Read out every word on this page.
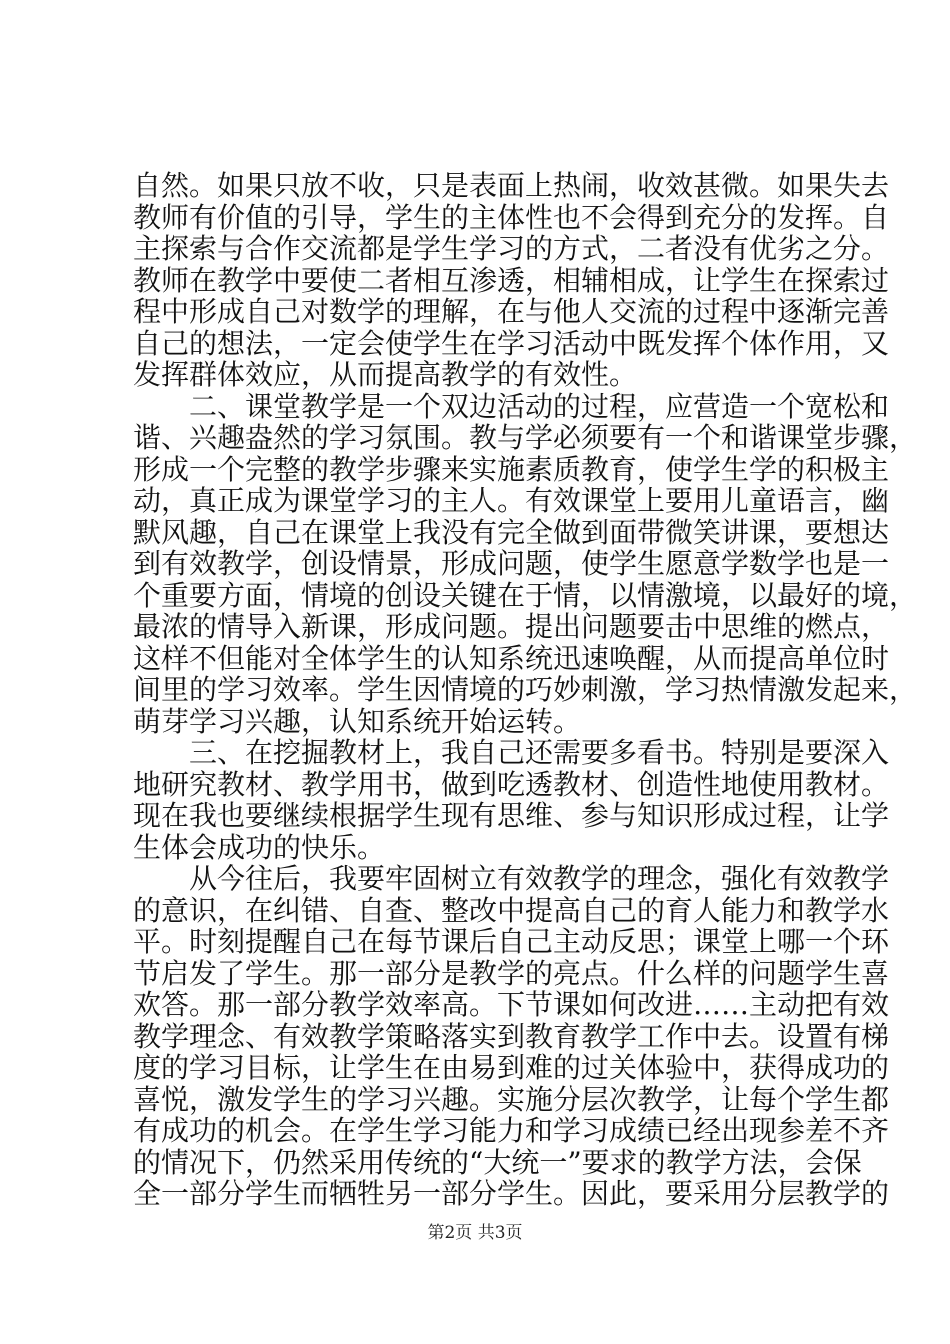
自然。如果只放不收，只是表面上热闹，收效甚微。如果失去
教师有价值的引导，学生的主体性也不会得到充分的发挥。自
主探索与合作交流都是学生学习的方式，二者没有优劣之分。
教师在教学中要使二者相互渗透，相辅相成，让学生在探索过
程中形成自己对数学的理解，在与他人交流的过程中逐渐完善
自己的想法，一定会使学生在学习活动中既发挥个体作用，又
发挥群体效应，从而提高教学的有效性。
　　二、课堂教学是一个双边活动的过程，应营造一个宽松和
谐、兴趣盎然的学习氛围。教与学必须要有一个和谐课堂步骤，
形成一个完整的教学步骤来实施素质教育，使学生学的积极主
动，真正成为课堂学习的主人。有效课堂上要用儿童语言，幽
默风趣，自己在课堂上我没有完全做到面带微笑讲课，要想达
到有效教学，创设情景，形成问题，使学生愿意学数学也是一
个重要方面，情境的创设关键在于情，以情激境，以最好的境，
最浓的情导入新课，形成问题。提出问题要击中思维的燃点，
这样不但能对全体学生的认知系统迅速唤醒，从而提高单位时
间里的学习效率。学生因情境的巧妙刺激，学习热情激发起来，
萌芽学习兴趣，认知系统开始运转。
　　三、在挖掘教材上，我自己还需要多看书。特别是要深入
地研究教材、教学用书，做到吃透教材、创造性地使用教材。
现在我也要继续根据学生现有思维、参与知识形成过程，让学
生体会成功的快乐。
　　从今往后，我要牢固树立有效教学的理念，强化有效教学
的意识，在纠错、自查、整改中提高自己的育人能力和教学水
平。时刻提醒自己在每节课后自己主动反思；课堂上哪一个环
节启发了学生。那一部分是教学的亮点。什么样的问题学生喜
欢答。那一部分教学效率高。下节课如何改进……主动把有效
教学理念、有效教学策略落实到教育教学工作中去。设置有梯
度的学习目标，让学生在由易到难的过关体验中，获得成功的
喜悦，激发学生的学习兴趣。实施分层次教学，让每个学生都
有成功的机会。在学生学习能力和学习成绩已经出现参差不齐
的情况下，仍然采用传统的“大统一”要求的教学方法，会保
全一部分学生而牺牲另一部分学生。因此，要采用分层教学的
第2页 共3页
